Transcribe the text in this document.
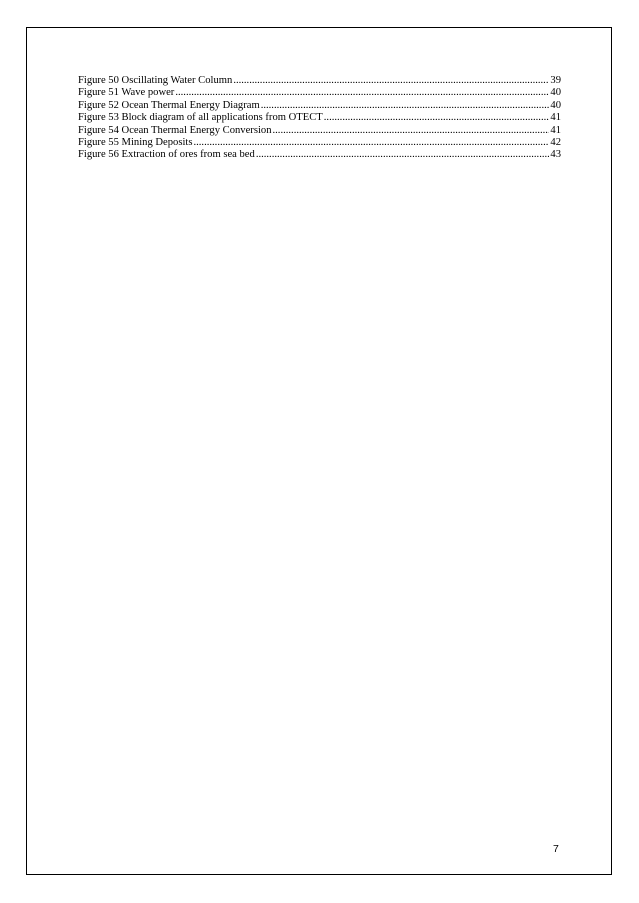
Figure 50 Oscillating Water Column .....	39
Figure 51 Wave power .....	40
Figure 52 Ocean Thermal Energy Diagram .....	40
Figure 53 Block diagram of all applications from OTECT .....	41
Figure 54 Ocean Thermal Energy Conversion .....	41
Figure 55 Mining Deposits .....	42
Figure 56 Extraction of ores from sea bed .....	43
7
